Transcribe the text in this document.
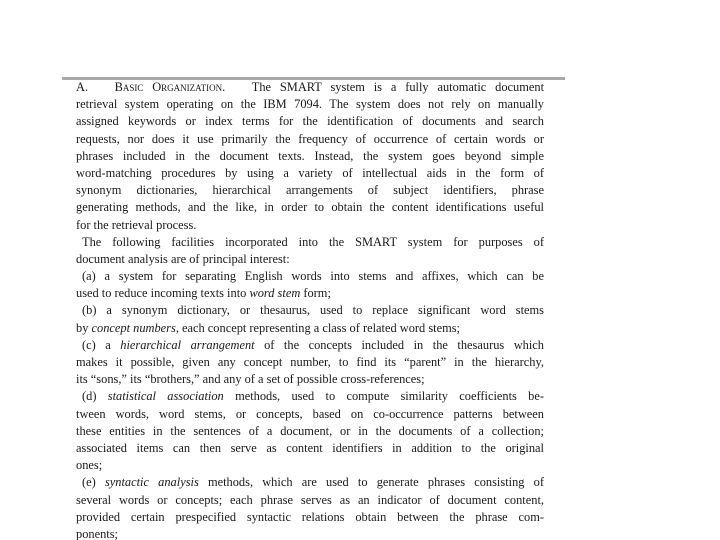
A. Basic Organization. The SMART system is a fully automatic document
retrieval system operating on the IBM 7094. The system does not rely on manually
assigned keywords or index terms for the identification of documents and search
requests, nor does it use primarily the frequency of occurrence of certain words or
phrases included in the document texts. Instead, the system goes beyond simple
word-matching procedures by using a variety of intellectual aids in the form of
synonym dictionaries, hierarchical arrangements of subject identifiers, phrase
generating methods, and the like, in order to obtain the content identifications useful
for the retrieval process.
The following facilities incorporated into the SMART system for purposes of
document analysis are of principal interest:
(a) a system for separating English words into stems and affixes, which can be
used to reduce incoming texts into word stem form;
(b) a synonym dictionary, or thesaurus, used to replace significant word stems
by concept numbers, each concept representing a class of related word stems;
(c) a hierarchical arrangement of the concepts included in the thesaurus which
makes it possible, given any concept number, to find its “parent” in the hierarchy,
its “sons,” its “brothers,” and any of a set of possible cross-references;
(d) statistical association methods, used to compute similarity coefficients be-
tween words, word stems, or concepts, based on co-occurrence patterns between
these entities in the sentences of a document, or in the documents of a collection;
associated items can then serve as content identifiers in addition to the original
ones;
(e) syntactic analysis methods, which are used to generate phrases consisting of
several words or concepts; each phrase serves as an indicator of document content,
provided certain prespecified syntactic relations obtain between the phrase com-
ponents;
